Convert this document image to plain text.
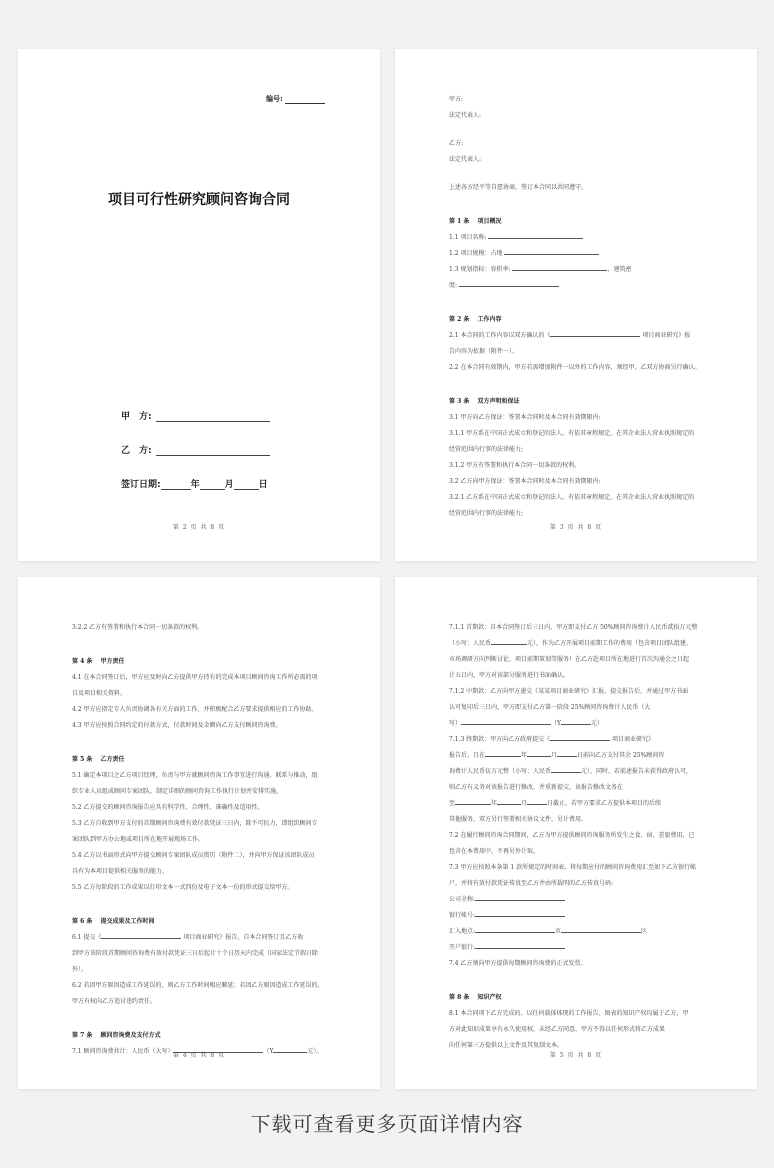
编号:
项目可行性研究顾问咨询合同
甲　方:
乙　方:
签订日期:	年	月	日
第 2 页 共 8 页

甲方:

法定代表人:

乙方:

法定代表人:

上述各方经平等自愿协商，签订本合同以共同遵守。

第 1 条　 项目概况

1.1 项目名称:

1.2 项目规模：占地

1.3 规划指标：容积率:	，建筑密

度:

第 2 条　 工作内容

2.1 本合同的工作内容以双方确认的《	项目商业研究》报

告内容为依据（附件一）。

2.2 在本合同有效期内，甲方若需增加附件一以外的工作内容，须经甲、乙双方协商另行确认。

第 3 条　 双方声明和保证

3.1 甲方向乙方保证：签署本合同时及本合同有效期限内:

3.1.1 甲方系在中国正式成立和登记的法人，有依其章程规定，在其企业法人营业执照规定的

经营范围内行事的法律能力;

3.1.2 甲方有签署和执行本合同一切条款的权利。

3.2 乙方向甲方保证：签署本合同时及本合同有效期限内:

3.2.1 乙方系在中国正式成立和登记的法人，有依其章程规定，在其企业法人营业执照规定的

经营范围内行事的法律能力;

第 3 页 共 8 页

3.2.2 乙方有签署和执行本合同一切条款的权利。

第 4 条　 甲方责任

4.1 在本合同签订后，甲方应及时向乙方提供甲方持有的完成本项目顾问咨询工作所必需的项

目及项目相关资料。

4.2 甲方应指定专人负责协调各有关方面的工作，并积极配合乙方要求提供相应的工作协助。

4.3 甲方应按照合同约定的付款方式，付款时间及金额向乙方支付顾问咨询费。

第 5 条　 乙方责任

5.1 确定本项目之乙方项目经理，负责与甲方就顾问咨询工作事宜进行沟通、联系与推动，组

织专业人员组成顾问专案团队，制定详细的顾问咨询工作执行计划并安排实施。

5.2 乙方提交的顾问咨询报告应具有科学性、合理性、准确性及适用性。

5.3 乙方自收到甲方支付的首期顾问咨询费有效付款凭证三日内，除不可抗力，即组织顾问专

案团队到甲方办公地或项目所在地开展现场工作。

5.4 乙方以书面形式向甲方提交顾问专案团队成员资历（附件二），并向甲方保证该团队成员

具有为本项目提供相关服务的能力。

5.5 乙方每阶段的工作成果以打印文本一式四份及电子文本一份的形式提交给甲方。

第 6 条　 提交成果及工作时间

6.1 提交《	项目商业研究》报告，自本合同签订且乙方收

到甲方该阶段首期顾问咨询费有效付款凭证三日后起计十个日历天内完成（国家法定节假日除

外）。

6.2 若因甲方原因造成工作延误的，则乙方工作时间相应顺延；若因乙方原因造成工作延误的，

甲方有权向乙方追讨违约责任。

第 7 条　 顾问咨询费及支付方式

7.1 顾问咨询费共计：人民币（大写）	（Y	元）。

第 4 页 共 8 页

7.1.1 首期款：自本合同签订后三日内，甲方即支付乙方 50%顾问咨询费计人民币贰拾万元整

（小写：人民币	元），作为乙方开展项目前期工作的费用（包含项目团队组建、

市场调研方向判断讨论、项目前期策划等服务）在乙方赴项目所在地进行首次沟通会之日起

计五日内，甲方对该部分服务进行书面确认。

7.1.2 中期款：乙方向甲方递交《某某项目商业研究》汇报，提交报告后，并通过甲方书面

认可复印后三日内，甲方即支付乙方第一阶段 25%顾问咨询费计人民币（大

写）	（Y	元）

7.1.3 终期款：甲方向乙方政府提交《	项目商业研究》

报告后，且在	年	月	日前向乙方支付其余 25%顾问咨

询费计人民币伍万元整（小写：人民币	元），同时，若前述报告未获得政府认可,

则乙方有义务对该报告进行修改，并重新提交，该报告修改文务在

至	年	月	日截止，若甲方要求乙方提供本项目的后续

其他服务，双方另行签署相关协议文件，另计费用。

7.2 在履行顾问咨询合同期间，乙方为甲方提供顾问咨询服务所发生之食、宿、差旅费用，已

包含在本费用中，不再另外计取。

7.3 甲方应按照本条第 1 款所规定的时间表，将每期应付的顾问咨询费用汇至如下乙方银行帐

户，并将有效付款凭证传真至乙方并由所载明的乙方传真号码:

公司全称:

银行帐号:

汇入地点:	市	区

开户银行:

7.4 乙方须向甲方提供每期顾问咨询费的正式发票。

第 8 条　 知识产权

8.1 本合同项下乙方完成的、以任何载体体现的工作报告、图表的知识产权均属于乙方，甲

方对此知识成果享有永久使用权，未经乙方同意，甲方不得以任何形式将乙方成果

向任何第三方提供以上文件及其复制文本。

第 5 页 共 8 页
下载可查看更多页面详情内容
